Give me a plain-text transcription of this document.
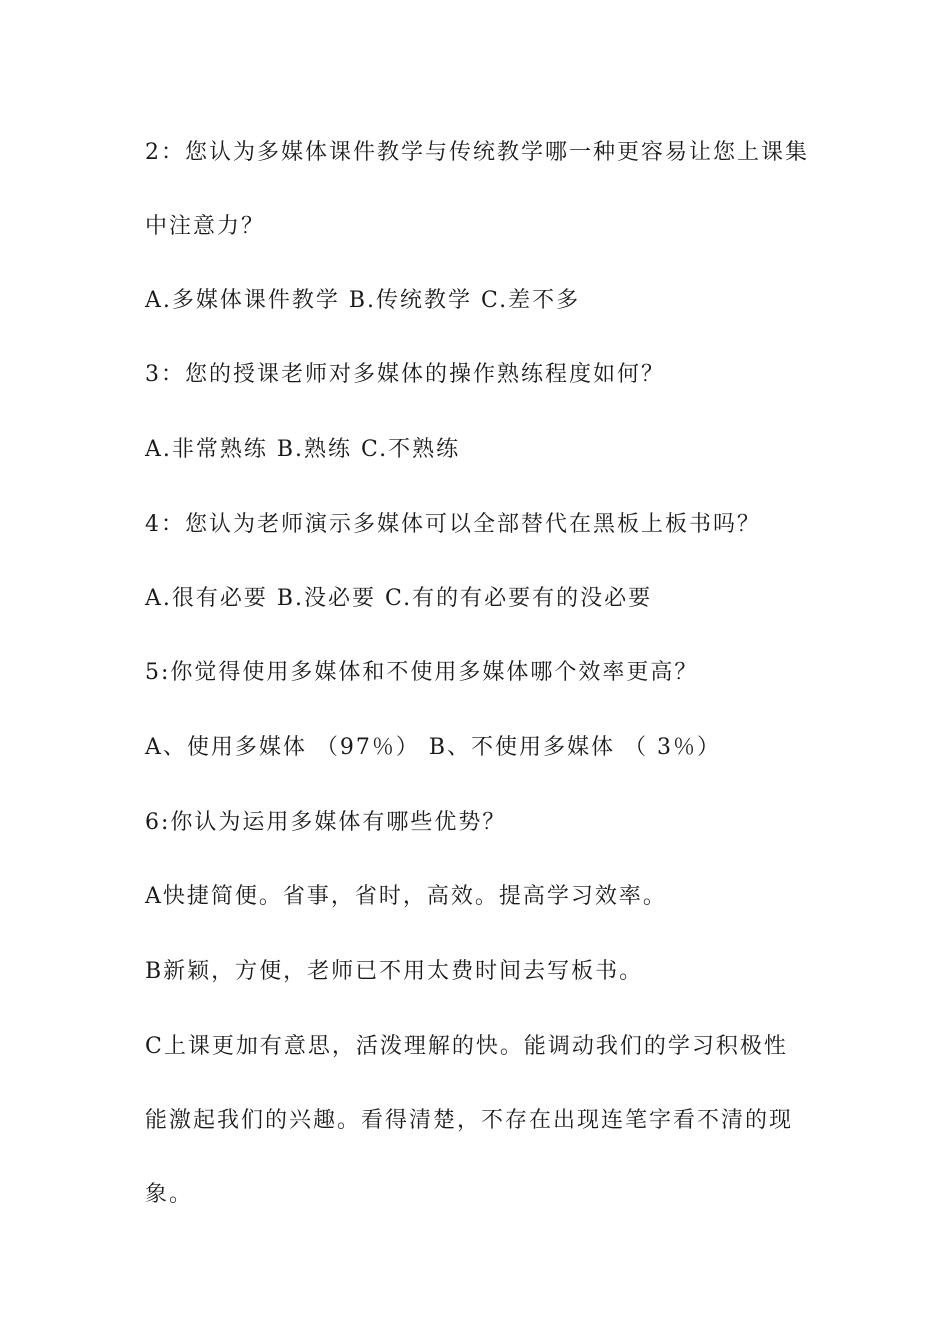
2：您认为多媒体课件教学与传统教学哪一种更容易让您上课集
中注意力？
A.多媒体课件教学 B.传统教学 C.差不多
3：您的授课老师对多媒体的操作熟练程度如何？
A.非常熟练 B.熟练 C.不熟练
4：您认为老师演示多媒体可以全部替代在黑板上板书吗？
A.很有必要 B.没必要 C.有的有必要有的没必要
5:你觉得使用多媒体和不使用多媒体哪个效率更高？
A、使用多媒体 （97％） B、不使用多媒体 （ 3％）
6:你认为运用多媒体有哪些优势？
A快捷简便。省事，省时，高效。提高学习效率。
B新颖，方便，老师已不用太费时间去写板书。
C上课更加有意思，活泼理解的快。能调动我们的学习积极性
能激起我们的兴趣。看得清楚，不存在出现连笔字看不清的现
象。
